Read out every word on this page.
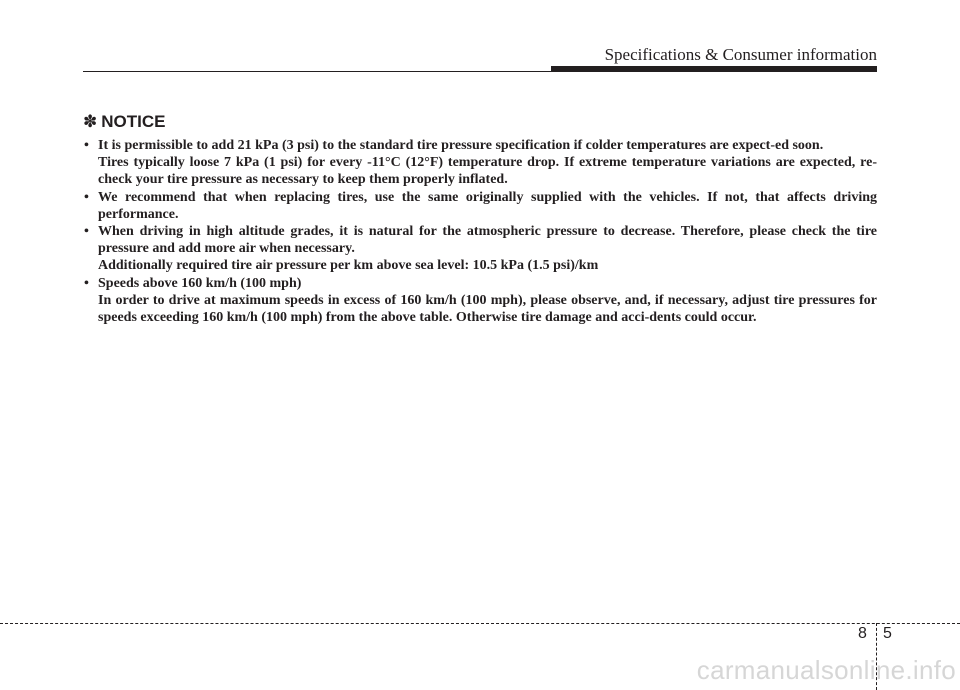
Specifications & Consumer information
✽ NOTICE
• It is permissible to add 21 kPa (3 psi) to the standard tire pressure specification if colder temperatures are expect-ed soon.

Tires typically loose 7 kPa (1 psi) for every -11°C (12°F) temperature drop. If extreme temperature variations are expected, re-check your tire pressure as necessary to keep them properly inflated.

• We recommend that when replacing tires, use the same originally supplied with the vehicles. If not, that affects driving performance.

• When driving in high altitude grades, it is natural for the atmospheric pressure to decrease. Therefore, please check the tire pressure and add more air when necessary.

Additionally required tire air pressure per km above sea level: 10.5 kPa (1.5 psi)/km

• Speeds above 160 km/h (100 mph)

In order to drive at maximum speeds in excess of 160 km/h (100 mph), please observe, and, if necessary, adjust tire pressures for speeds exceeding 160 km/h (100 mph) from the above table. Otherwise tire damage and acci-dents could occur.

8 5
carmanualsonline.info
